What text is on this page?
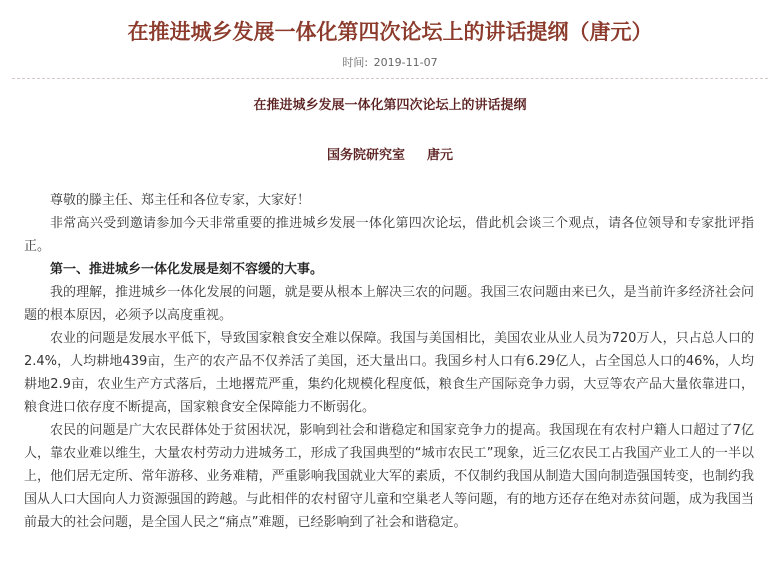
在推进城乡发展一体化第四次论坛上的讲话提纲（唐元）
时间: 2019-11-07
在推进城乡发展一体化第四次论坛上的讲话提纲
国务院研究室 唐元

尊敬的滕主任、郑主任和各位专家，大家好！

非常高兴受到邀请参加今天非常重要的推进城乡发展一体化第四次论坛，借此机会谈三个观点，请各位领导和专家批评指正。

第一、推进城乡一体化发展是刻不容缓的大事。

我的理解，推进城乡一体化发展的问题，就是要从根本上解决三农的问题。我国三农问题由来已久，是当前许多经济社会问题的根本原因，必须予以高度重视。

农业的问题是发展水平低下，导致国家粮食安全难以保障。我国与美国相比，美国农业从业人员为720万人，只占总人口的2.4%，人均耕地439亩，生产的农产品不仅养活了美国，还大量出口。我国乡村人口有6.29亿人，占全国总人口的46%，人均耕地2.9亩，农业生产方式落后，土地撂荒严重，集约化规模化程度低，粮食生产国际竞争力弱，大豆等农产品大量依靠进口，粮食进口依存度不断提高，国家粮食安全保障能力不断弱化。

农民的问题是广大农民群体处于贫困状况，影响到社会和谐稳定和国家竞争力的提高。我国现在有农村户籍人口超过了7亿人，靠农业难以维生，大量农村劳动力进城务工，形成了我国典型的“城市农民工”现象，近三亿农民工占我国产业工人的一半以上，他们居无定所、常年游移、业务难精，严重影响我国就业大军的素质，不仅制约我国从制造大国向制造强国转变，也制约我国从人口大国向人力资源强国的跨越。与此相伴的农村留守儿童和空巢老人等问题，有的地方还存在绝对赤贫问题，成为我国当前最大的社会问题，是全国人民之“痛点”难题，已经影响到了社会和谐稳定。
